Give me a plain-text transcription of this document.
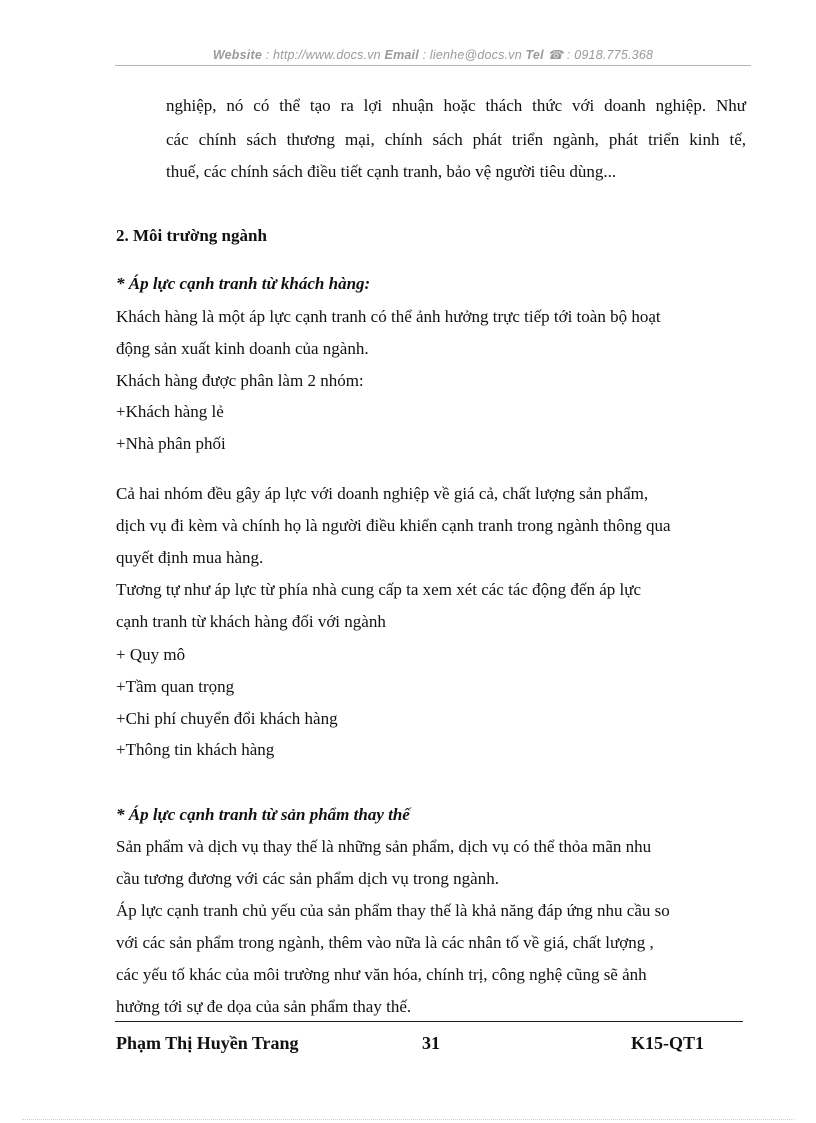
Website : http://www.docs.vn Email : lienhe@docs.vn Tel ☎ : 0918.775.368
nghiệp, nó có thể tạo ra lợi nhuận hoặc thách thức với doanh nghiệp. Như
các chính sách thương mại, chính sách phát triển ngành, phát triển kinh tế,
thuế, các chính sách điều tiết cạnh tranh, bảo vệ người tiêu dùng...
2. Môi trường ngành
* Áp lực cạnh tranh từ khách hàng:
Khách hàng là một áp lực cạnh tranh có thể ảnh hưởng trực tiếp tới toàn bộ hoạt
động sản xuất kinh doanh của ngành.
Khách hàng được phân làm 2 nhóm:
+Khách hàng lẻ
+Nhà phân phối
Cả hai nhóm đều gây áp lực với doanh nghiệp về giá cả, chất lượng sản phẩm,
dịch vụ đi kèm và chính họ là người điều khiển cạnh tranh trong ngành thông qua
quyết định mua hàng.
Tương tự như áp lực từ phía nhà cung cấp ta xem xét các tác động đến áp lực
cạnh tranh từ khách hàng đối với ngành
+ Quy mô
+Tầm quan trọng
+Chi phí chuyển đổi khách hàng
+Thông tin khách hàng
* Áp lực cạnh tranh từ sản phẩm thay thế
Sản phẩm và dịch vụ thay thế là những sản phẩm, dịch vụ có thể thỏa mãn nhu
cầu tương đương với các sản phẩm dịch vụ trong ngành.
Áp lực cạnh tranh chủ yếu của sản phẩm thay thế là khả năng đáp ứng nhu cầu so
với các sản phẩm trong ngành, thêm vào nữa là các nhân tố về giá, chất lượng ,
các yếu tố khác của môi trường như văn hóa, chính trị, công nghệ cũng sẽ ảnh
hưởng tới sự đe dọa của sản phẩm thay thế.
Phạm Thị Huyền Trang	31	K15-QT1
